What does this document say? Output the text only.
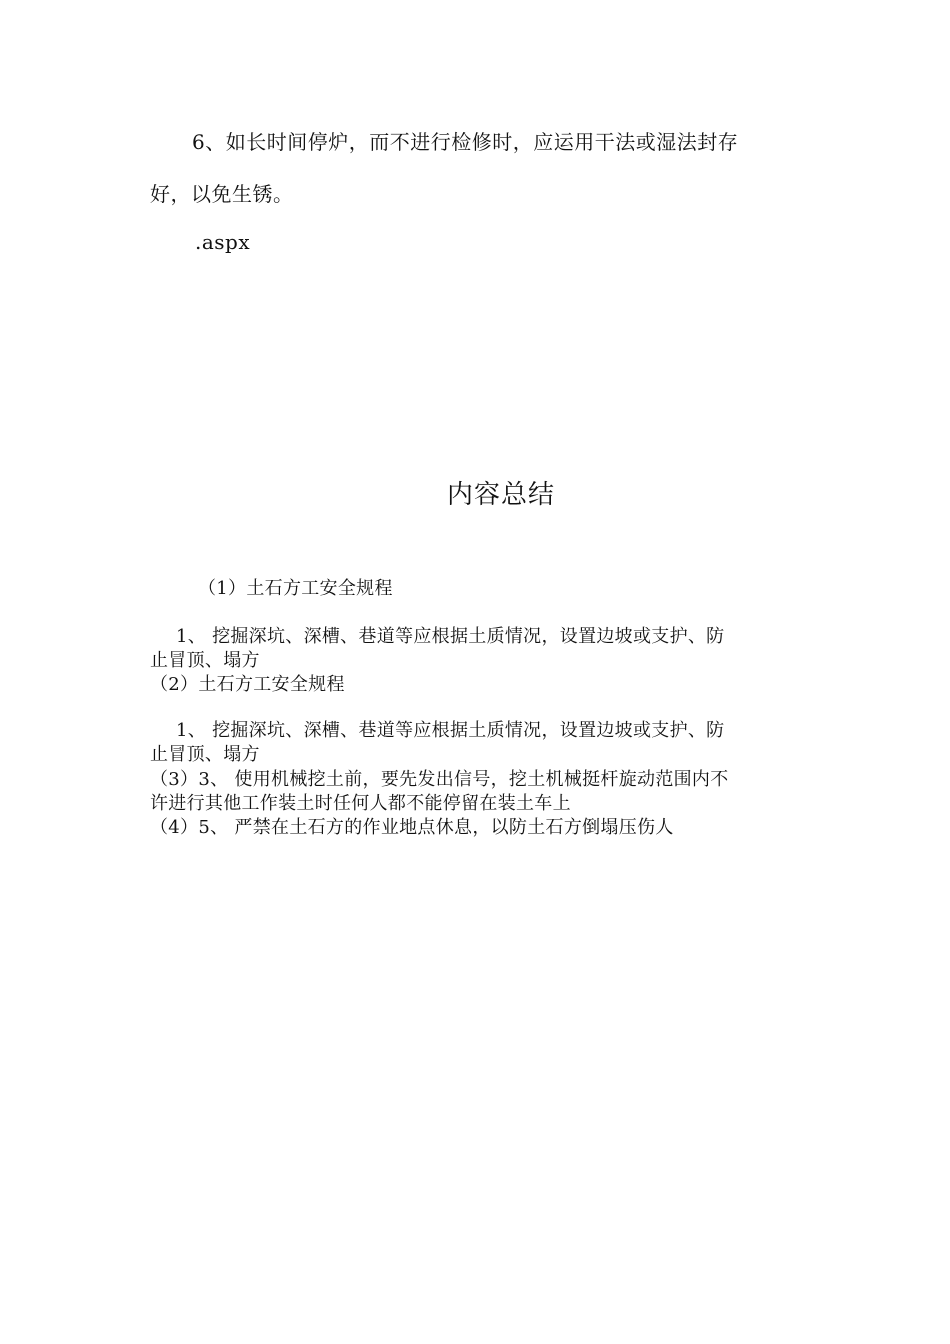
6、如长时间停炉，而不进行检修时，应运用干法或湿法封存
好，以免生锈。
.aspx
内容总结
（1）土石方工安全规程
1、 挖掘深坑、深槽、巷道等应根据土质情况，设置边坡或支护、防
止冒顶、塌方
（2）土石方工安全规程
1、 挖掘深坑、深槽、巷道等应根据土质情况，设置边坡或支护、防
止冒顶、塌方
（3）3、 使用机械挖土前，要先发出信号，挖土机械挺杆旋动范围内不
许进行其他工作装土时任何人都不能停留在装土车上
（4）5、 严禁在土石方的作业地点休息，以防土石方倒塌压伤人
